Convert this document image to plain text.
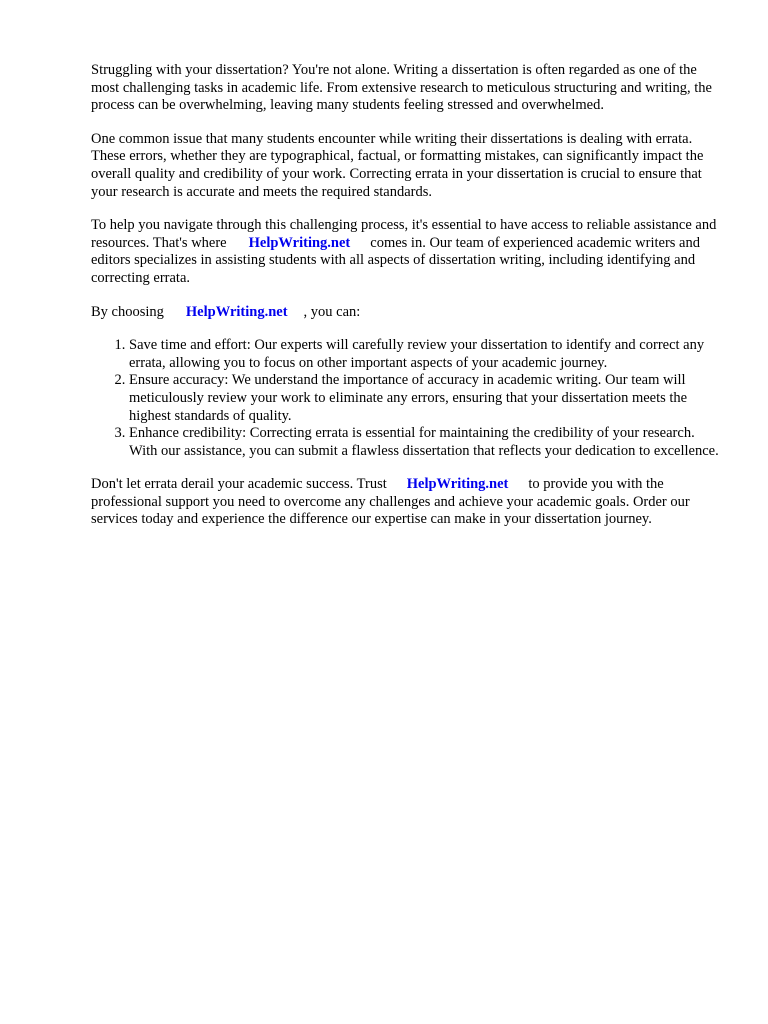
Struggling with your dissertation? You're not alone. Writing a dissertation is often regarded as one of the most challenging tasks in academic life. From extensive research to meticulous structuring and writing, the process can be overwhelming, leaving many students feeling stressed and overwhelmed.

One common issue that many students encounter while writing their dissertations is dealing with errata. These errors, whether they are typographical, factual, or formatting mistakes, can significantly impact the overall quality and credibility of your work. Correcting errata in your dissertation is crucial to ensure that your research is accurate and meets the required standards.

To help you navigate through this challenging process, it's essential to have access to reliable assistance and resources. That's where HelpWriting.net comes in. Our team of experienced academic writers and editors specializes in assisting students with all aspects of dissertation writing, including identifying and correcting errata.

By choosing HelpWriting.net , you can:

1. Save time and effort: Our experts will carefully review your dissertation to identify and correct any errata, allowing you to focus on other important aspects of your academic journey.
2. Ensure accuracy: We understand the importance of accuracy in academic writing. Our team will meticulously review your work to eliminate any errors, ensuring that your dissertation meets the highest standards of quality.
3. Enhance credibility: Correcting errata is essential for maintaining the credibility of your research. With our assistance, you can submit a flawless dissertation that reflects your dedication to excellence.

Don't let errata derail your academic success. Trust HelpWriting.net to provide you with the professional support you need to overcome any challenges and achieve your academic goals. Order our services today and experience the difference our expertise can make in your dissertation journey.
